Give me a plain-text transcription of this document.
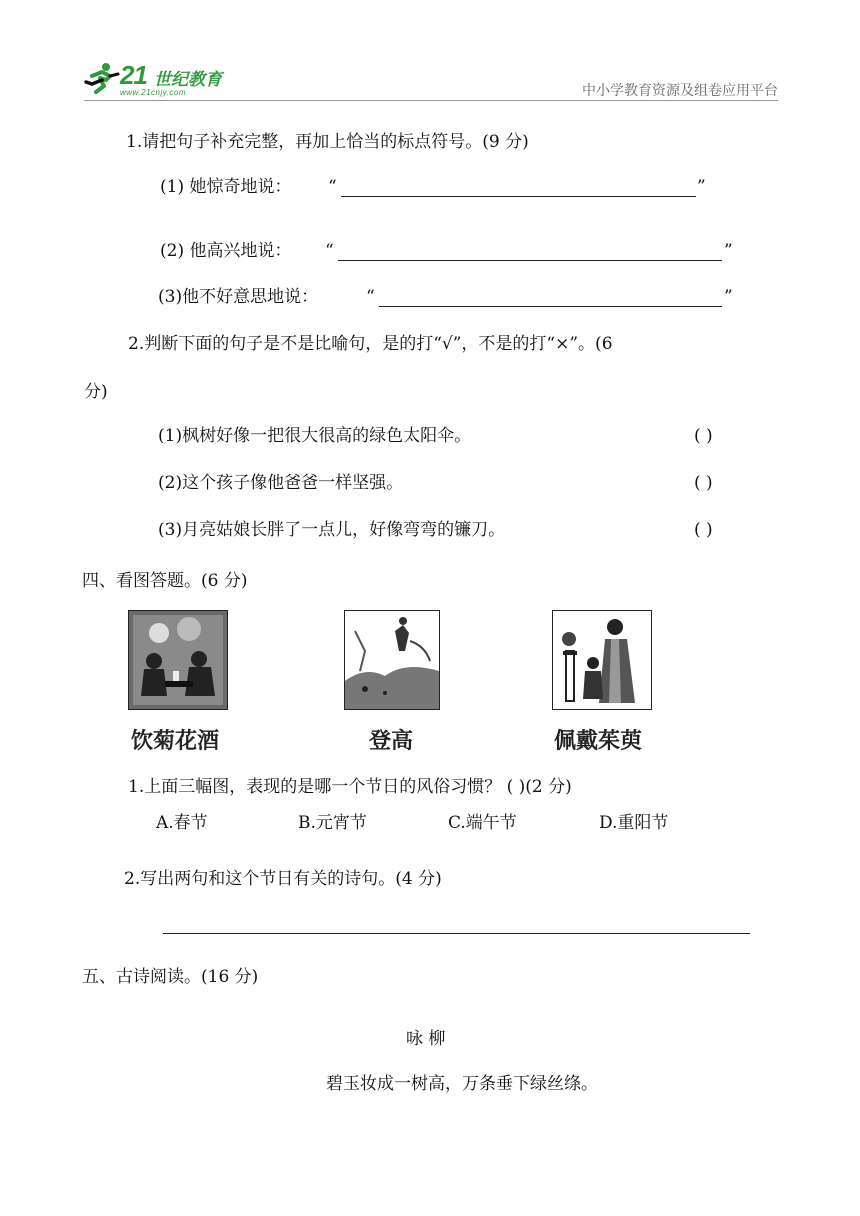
21 世纪教育
www.21cnjy.com	中小学教育资源及组卷应用平台
1.请把句子补充完整，再加上恰当的标点符号。(9 分)
(1) 她惊奇地说： “	”
(2) 他高兴地说： “	”
(3)他不好意思地说：	“	”
2.判断下面的句子是不是比喻句，是的打“√”，不是的打“×”。(6
分)
(1)枫树好像一把很大很高的绿色太阳伞。	( )
(2)这个孩子像他爸爸一样坚强。	( )
(3)月亮姑娘长胖了一点儿，好像弯弯的镰刀。	( )
四、看图答题。(6 分)
饮菊花酒	登高	佩戴茱萸
1.上面三幅图，表现的是哪一个节日的风俗习惯？ ( )(2 分)
A.春节	B.元宵节	C.端午节	D.重阳节
2.写出两句和这个节日有关的诗句。(4 分)
五、古诗阅读。(16 分)
咏 柳
碧玉妆成一树高，万条垂下绿丝绦。
